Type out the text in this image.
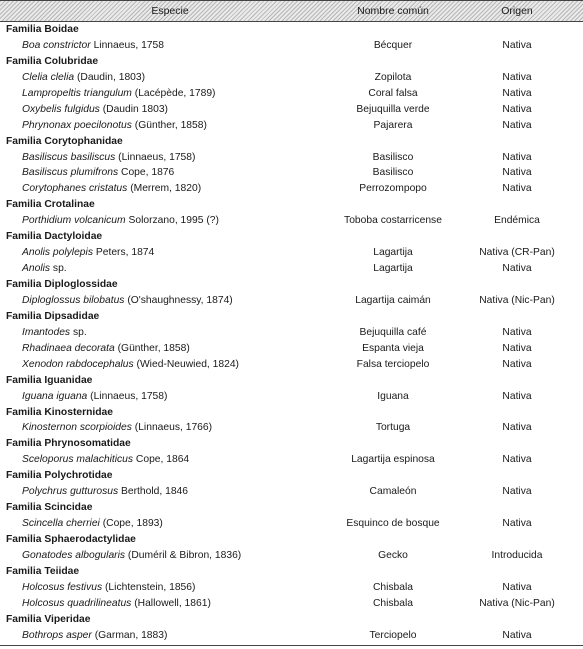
Especie	Nombre común	Origen
Familia Boidae
Boa constrictor Linnaeus, 1758	Bécquer	Nativa
Familia Colubridae
Clelia clelia (Daudin, 1803)	Zopilota	Nativa
Lampropeltis triangulum (Lacépède, 1789)	Coral falsa	Nativa
Oxybelis fulgidus (Daudin 1803)	Bejuquilla verde	Nativa
Phrynonax poecilonotus (Günther, 1858)	Pajarera	Nativa
Familia Corytophanidae
Basiliscus basiliscus (Linnaeus, 1758)	Basilisco	Nativa
Basiliscus plumifrons Cope, 1876	Basilisco	Nativa
Corytophanes cristatus (Merrem, 1820)	Perrozompopo	Nativa
Familia Crotalinae
Porthidium volcanicum Solorzano, 1995 (?)	Toboba costarricense	Endémica
Familia Dactyloidae
Anolis polylepis Peters, 1874	Lagartija	Nativa (CR-Pan)
Anolis sp.	Lagartija	Nativa
Familia Diploglossidae
Diploglossus bilobatus (O'shaughnessy, 1874)	Lagartija caimán	Nativa (Nic-Pan)
Familia Dipsadidae
Imantodes sp.	Bejuquilla café	Nativa
Rhadinaea decorata (Günther, 1858)	Espanta vieja	Nativa
Xenodon rabdocephalus (Wied-Neuwied, 1824)	Falsa terciopelo	Nativa
Familia Iguanidae
Iguana iguana (Linnaeus, 1758)	Iguana	Nativa
Familia Kinosternidae
Kinosternon scorpioides (Linnaeus, 1766)	Tortuga	Nativa
Familia Phrynosomatidae
Sceloporus malachiticus Cope, 1864	Lagartija espinosa	Nativa
Familia Polychrotidae
Polychrus gutturosus Berthold, 1846	Camaleón	Nativa
Familia Scincidae
Scincella cherriei (Cope, 1893)	Esquinco de bosque	Nativa
Familia Sphaerodactylidae
Gonatodes albogularis (Duméril & Bibron, 1836)	Gecko	Introducida
Familia Teiidae
Holcosus festivus (Lichtenstein, 1856)	Chisbala	Nativa
Holcosus quadrilineatus (Hallowell, 1861)	Chisbala	Nativa (Nic-Pan)
Familia Viperidae
Bothrops asper (Garman, 1883)	Terciopelo	Nativa
